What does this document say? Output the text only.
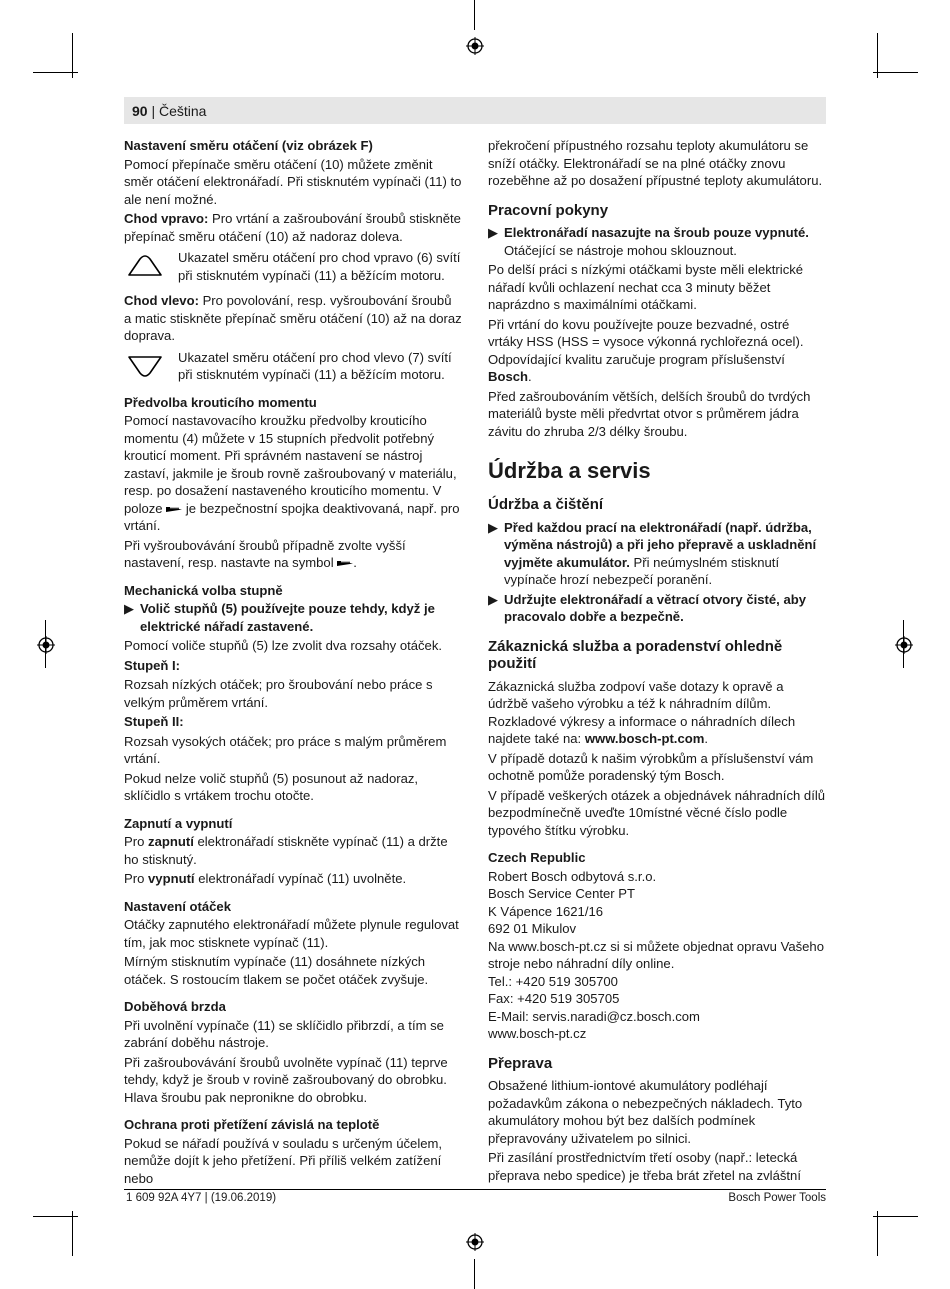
90 | Čeština

Nastavení směru otáčení (viz obrázek F)

Pomocí přepínače směru otáčení (10) můžete změnit směr otáčení elektronářadí. Při stisknutém vypínači (11) to ale není možné.

Chod vpravo: Pro vrtání a zašroubování šroubů stiskněte přepínač směru otáčení (10) až nadoraz doleva.

Ukazatel směru otáčení pro chod vpravo (6) svítí při stisknutém vypínači (11) a běžícím motoru.

Chod vlevo: Pro povolování, resp. vyšroubování šroubů a matic stiskněte přepínač směru otáčení (10) až na doraz doprava.

Ukazatel směru otáčení pro chod vlevo (7) svítí při stisknutém vypínači (11) a běžícím motoru.

Předvolba krouticího momentu

Pomocí nastavovacího kroužku předvolby krouticího momentu (4) můžete v 15 stupních předvolit potřebný krouticí moment. Při správném nastavení se nástroj zastaví, jakmile je šroub rovně zašroubovaný v materiálu, resp. po dosažení nastaveného krouticího momentu. V poloze  je bezpečnostní spojka deaktivovaná, např. pro vrtání.

Při vyšroubovávání šroubů případně zvolte vyšší nastavení, resp. nastavte na symbol .

Mechanická volba stupně

▶ Volič stupňů (5) používejte pouze tehdy, když je elektrické nářadí zastavené.

Pomocí voliče stupňů (5) lze zvolit dva rozsahy otáček.

Stupeň I:

Rozsah nízkých otáček; pro šroubování nebo práce s velkým průměrem vrtání.

Stupeň II:

Rozsah vysokých otáček; pro práce s malým průměrem vrtání.

Pokud nelze volič stupňů (5) posunout až nadoraz, sklíčidlo s vrtákem trochu otočte.

Zapnutí a vypnutí

Pro zapnutí elektronářadí stiskněte vypínač (11) a držte ho stisknutý.

Pro vypnutí elektronářadí vypínač (11) uvolněte.

Nastavení otáček

Otáčky zapnutého elektronářadí můžete plynule regulovat tím, jak moc stisknete vypínač (11).

Mírným stisknutím vypínače (11) dosáhnete nízkých otáček. S rostoucím tlakem se počet otáček zvyšuje.

Doběhová brzda

Při uvolnění vypínače (11) se sklíčidlo přibrzdí, a tím se zabrání doběhu nástroje.

Při zašroubovávání šroubů uvolněte vypínač (11) teprve tehdy, když je šroub v rovině zašroubovaný do obrobku. Hlava šroubu pak nepronikne do obrobku.

Ochrana proti přetížení závislá na teplotě

Pokud se nářadí používá v souladu s určeným účelem, nemůže dojít k jeho přetížení. Při příliš velkém zatížení nebo

překročení přípustného rozsahu teploty akumulátoru se sníží otáčky. Elektronářadí se na plné otáčky znovu rozeběhne až po dosažení přípustné teploty akumulátoru.

Pracovní pokyny

▶ Elektronářadí nasazujte na šroub pouze vypnuté. Otáčející se nástroje mohou sklouznout.

Po delší práci s nízkými otáčkami byste měli elektrické nářadí kvůli ochlazení nechat cca 3 minuty běžet naprázdno s maximálními otáčkami.

Při vrtání do kovu používejte pouze bezvadné, ostré vrtáky HSS (HSS = vysoce výkonná rychlořezná ocel). Odpovídající kvalitu zaručuje program příslušenství Bosch.

Před zašroubováním větších, delších šroubů do tvrdých materiálů byste měli předvrtat otvor s průměrem jádra závitu do zhruba 2/3 délky šroubu.

Údržba a servis

Údržba a čištění

▶ Před každou prací na elektronářadí (např. údržba, výměna nástrojů) a při jeho přepravě a uskladnění vyjměte akumulátor. Při neúmyslném stisknutí vypínače hrozí nebezpečí poranění.

▶ Udržujte elektronářadí a větrací otvory čisté, aby pracovalo dobře a bezpečně.

Zákaznická služba a poradenství ohledně použití

Zákaznická služba zodpoví vaše dotazy k opravě a údržbě vašeho výrobku a též k náhradním dílům. Rozkladové výkresy a informace o náhradních dílech najdete také na: www.bosch-pt.com.

V případě dotazů k našim výrobkům a příslušenství vám ochotně pomůže poradenský tým Bosch.

V případě veškerých otázek a objednávek náhradních dílů bezpodmínečně uveďte 10místné věcné číslo podle typového štítku výrobku.

Czech Republic

Robert Bosch odbytová s.r.o.

Bosch Service Center PT

K Vápence 1621/16

692 01 Mikulov

Na www.bosch-pt.cz si si můžete objednat opravu Vašeho stroje nebo náhradní díly online.

Tel.: +420 519 305700

Fax: +420 519 305705

E-Mail: servis.naradi@cz.bosch.com

www.bosch-pt.cz

Přeprava

Obsažené lithium-iontové akumulátory podléhají požadavkům zákona o nebezpečných nákladech. Tyto akumulátory mohou být bez dalších podmínek přepravovány uživatelem po silnici.

Při zasílání prostřednictvím třetí osoby (např.: letecká přeprava nebo spedice) je třeba brát zřetel na zvláštní

1 609 92A 4Y7 | (19.06.2019)	Bosch Power Tools
